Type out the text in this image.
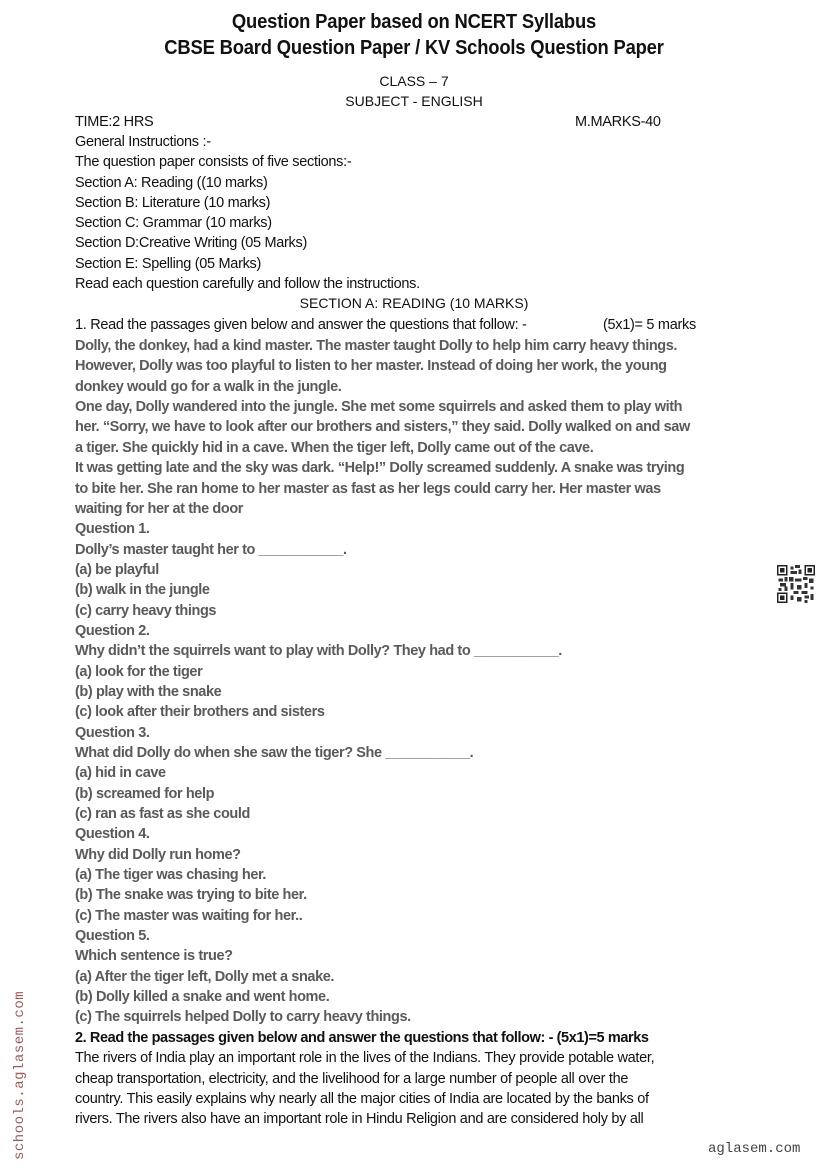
Question Paper based on NCERT Syllabus
CBSE Board Question Paper / KV Schools Question Paper
CLASS – 7
SUBJECT - ENGLISH
TIME:2 HRS	M.MARKS-40
General Instructions :-
The question paper consists of five sections:-
Section A: Reading ((10 marks)
Section B: Literature (10 marks)
Section C: Grammar (10 marks)
Section D:Creative Writing (05 Marks)
Section E: Spelling (05 Marks)
Read each question carefully and follow the instructions.
SECTION A: READING (10 MARKS)
1. Read the passages given below and answer the questions that follow: -	(5x1)= 5 marks
Dolly, the donkey, had a kind master. The master taught Dolly to help him carry heavy things.
However, Dolly was too playful to listen to her master. Instead of doing her work, the young
donkey would go for a walk in the jungle.
One day, Dolly wandered into the jungle. She met some squirrels and asked them to play with
her. “Sorry, we have to look after our brothers and sisters,” they said. Dolly walked on and saw
a tiger. She quickly hid in a cave. When the tiger left, Dolly came out of the cave.
It was getting late and the sky was dark. “Help!” Dolly screamed suddenly. A snake was trying
to bite her. She ran home to her master as fast as her legs could carry her. Her master was
waiting for her at the door
Question 1.
Dolly’s master taught her to ___________.
(a) be playful
(b) walk in the jungle
(c) carry heavy things
Question 2.
Why didn’t the squirrels want to play with Dolly? They had to ___________.
(a) look for the tiger
(b) play with the snake
(c) look after their brothers and sisters
Question 3.
What did Dolly do when she saw the tiger? She ___________.
(a) hid in cave
(b) screamed for help
(c) ran as fast as she could
Question 4.
Why did Dolly run home?
(a) The tiger was chasing her.
(b) The snake was trying to bite her.
(c) The master was waiting for her..
Question 5.
Which sentence is true?
(a) After the tiger left, Dolly met a snake.
(b) Dolly killed a snake and went home.
(c) The squirrels helped Dolly to carry heavy things.
2. Read the passages given below and answer the questions that follow: - (5x1)=5 marks
The rivers of India play an important role in the lives of the Indians. They provide potable water,
cheap transportation, electricity, and the livelihood for a large number of people all over the
country. This easily explains why nearly all the major cities of India are located by the banks of
rivers. The rivers also have an important role in Hindu Religion and are considered holy by all
schools.aglasem.com	aglasem.com
